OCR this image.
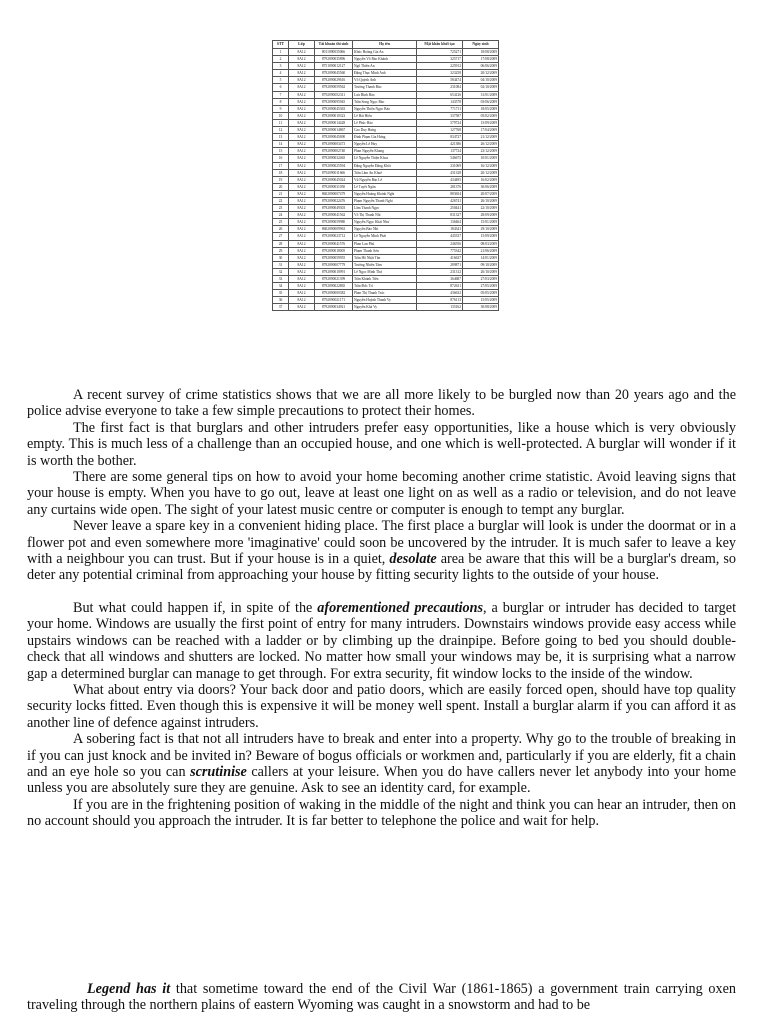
STT	Lớp	Tài khoản thi sinh	Họ tên	Mật khẩu khởi tạo	Ngày sinh
1	8A12	8011090035066	Khúc Hoàng Gia An	725271	18/08/2009
2	8A12	8792090035896	Nguyễn Võ Bảo Khánh	325717	17/08/2009
3	8A12	8751090012127	Ngô Thiên An	225912	06/06/2009
4	8A12	8792090045560	Đặng Thục Minh Anh	323258	20/12/2009
5	8A12	8792090029616	Võ Quỳnh Anh	584474	04/10/2009
6	8A12	8792090059562	Trương Thanh Bảo	231084	02/10/2009
7	8A12	8792090052311	Lưu Bình Bảo	654126	31/01/2009
8	8A12	8792090095945	Trần Song Ngọc Bảo	143578	03/06/2009
9	8A12	8792090045363	Nguyễn Thiện Ngọc Bảo	771711	18/05/2009
10	8A12	8792090010323	Lê Hải Hiển	337587	05/02/2009
11	8A12	8792090014428	Lê Phúc Hào	579724	15/09/2009
12	8A12	8792090014867	Cao Duy Hưng	127768	17/04/2009
13	8A12	8792090045690	Đinh Phạm Gia Hưng	834727	21/12/2009
14	8A12	8792090003473	Nguyễn Lê Huy	421386	26/12/2009
15	8A12	8792090002740	Phan Nguyễn Khang	137724	23/12/2009
16	8A12	8792090032465	Lê Nguyễn Thiện Khoa	546675	10/01/2009
17	8A12	8792090025594	Đặng Nguyễn Đăng Khôi	231069	16/12/2009
18	8A12	8792090011666	Trần Lâm An Khuê	431328	20/12/2009
19	8A12	8792090045024	Vũ Nguyễn Bảo Lê	434495	16/02/2009
20	8A12	8792090031050	Lê Tuyết Ngân	281376	30/06/2009
21	8A12	8602090007479	Nguyễn Hoàng Khánh Nghi	883654	20/07/2009
22	8A12	8792090022476	Phạm Nguyễn Thanh Nghi	426741	26/10/2009
23	8A12	8792090049303	Lâm Thanh Ngọc	250441	22/10/2009
24	8A12	8792090041562	Võ Thị Thanh Nhi	831327	28/09/2009
25	8A12	8792090059980	Nguyễn Ngọc Khải Như	136464	15/01/2009
26	8A12	8602090009963	Nguyễn Bảo Nhi	184341	29/10/2009
27	8A12	8792090023712	Lê Nguyễn Minh Phát	445337	15/09/2009
28	8A12	8792090041576	Phan Lan Phú	246556	08/03/2009
29	8A12	8792090018005	Phạm Thanh Sơn	775342	21/06/2009
30	8A12	8792090059955	Trần Hồ Nhật Tân	416637	14/01/2009
31	8A12	8792090007779	Trương Nhiên Tâm	289871	09/10/2009
32	8A12	8792090010991	Lê Ngọc Minh Thư	231312	26/10/2009
33	8A12	8792090021399	Trần Khánh Tiến	364687	27/03/2009
34	8A12	8792090022865	Trần Đức Trí	872631	27/05/2009
35	8A12	8792090000382	Phan Thị Thanh Trúc	436632	05/05/2009
36	8A12	8792090021171	Nguyễn Huỳnh Thanh Vy	876113	15/05/2009
37	8A12	8792090034921	Nguyễn Khả Vy	135162	30/08/2009

A recent survey of crime statistics shows that we are all more likely to be burgled now than 20 years ago and the police advise everyone to take a few simple precautions to protect their homes.

The first fact is that burglars and other intruders prefer easy opportunities, like a house which is very obviously empty. This is much less of a challenge than an occupied house, and one which is well-protected. A burglar will wonder if it is worth the bother.

There are some general tips on how to avoid your home becoming another crime statistic. Avoid leaving signs that your house is empty. When you have to go out, leave at least one light on as well as a radio or television, and do not leave any curtains wide open. The sight of your latest music centre or computer is enough to tempt any burglar.

Never leave a spare key in a convenient hiding place. The first place a burglar will look is under the doormat or in a flower pot and even somewhere more 'imaginative' could soon be uncovered by the intruder. It is much safer to leave a key with a neighbour you can trust. But if your house is in a quiet, desolate area be aware that this will be a burglar's dream, so deter any potential criminal from approaching your house by fitting security lights to the outside of your house.

But what could happen if, in spite of the aforementioned precautions, a burglar or intruder has decided to target your home. Windows are usually the first point of entry for many intruders. Downstairs windows provide easy access while upstairs windows can be reached with a ladder or by climbing up the drainpipe. Before going to bed you should double-check that all windows and shutters are locked. No matter how small your windows may be, it is surprising what a narrow gap a determined burglar can manage to get through. For extra security, fit window locks to the inside of the window.

What about entry via doors? Your back door and patio doors, which are easily forced open, should have top quality security locks fitted. Even though this is expensive it will be money well spent. Install a burglar alarm if you can afford it as another line of defence against intruders.

A sobering fact is that not all intruders have to break and enter into a property. Why go to the trouble of breaking in if you can just knock and be invited in? Beware of bogus officials or workmen and, particularly if you are elderly, fit a chain and an eye hole so you can scrutinise callers at your leisure. When you do have callers never let anybody into your home unless you are absolutely sure they are genuine. Ask to see an identity card, for example.

If you are in the frightening position of waking in the middle of the night and think you can hear an intruder, then on no account should you approach the intruder. It is far better to telephone the police and wait for help.

Legend has it that sometime toward the end of the Civil War (1861-1865) a government train carrying oxen traveling through the northern plains of eastern Wyoming was caught in a snowstorm and had to be
